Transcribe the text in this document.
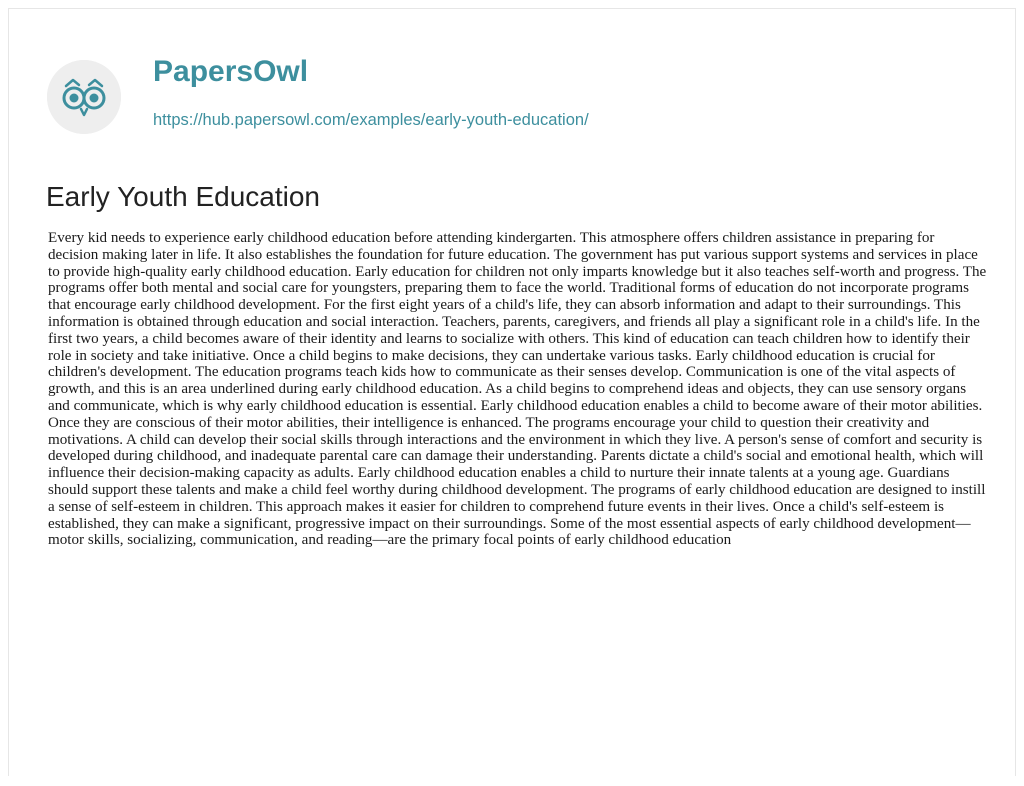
PapersOwl
https://hub.papersowl.com/examples/early-youth-education/
Early Youth Education

Every kid needs to experience early childhood education before attending kindergarten. This atmosphere offers children assistance in preparing for decision making later in life. It also establishes the foundation for future education. The government has put various support systems and services in place to provide high-quality early childhood education. Early education for children not only imparts knowledge but it also teaches self-worth and progress. The programs offer both mental and social care for youngsters, preparing them to face the world. Traditional forms of education do not incorporate programs that encourage early childhood development. For the first eight years of a child's life, they can absorb information and adapt to their surroundings. This information is obtained through education and social interaction. Teachers, parents, caregivers, and friends all play a significant role in a child's life. In the first two years, a child becomes aware of their identity and learns to socialize with others. This kind of education can teach children how to identify their role in society and take initiative. Once a child begins to make decisions, they can undertake various tasks. Early childhood education is crucial for children's development. The education programs teach kids how to communicate as their senses develop. Communication is one of the vital aspects of growth, and this is an area underlined during early childhood education. As a child begins to comprehend ideas and objects, they can use sensory organs and communicate, which is why early childhood education is essential. Early childhood education enables a child to become aware of their motor abilities. Once they are conscious of their motor abilities, their intelligence is enhanced. The programs encourage your child to question their creativity and motivations. A child can develop their social skills through interactions and the environment in which they live. A person's sense of comfort and security is developed during childhood, and inadequate parental care can damage their understanding. Parents dictate a child's social and emotional health, which will influence their decision-making capacity as adults. Early childhood education enables a child to nurture their innate talents at a young age. Guardians should support these talents and make a child feel worthy during childhood development. The programs of early childhood education are designed to instill a sense of self-esteem in children. This approach makes it easier for children to comprehend future events in their lives. Once a child's self-esteem is established, they can make a significant, progressive impact on their surroundings. Some of the most essential aspects of early childhood development—motor skills, socializing, communication, and reading—are the primary focal points of early childhood education
